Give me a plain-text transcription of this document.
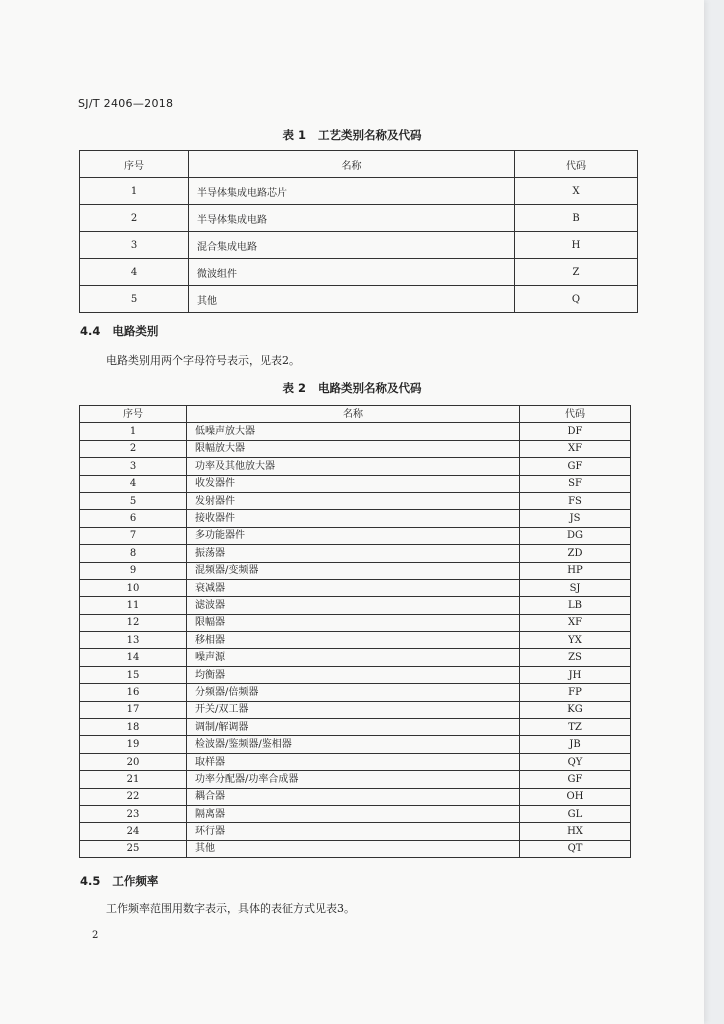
SJ/T 2406—2018
表 1 工艺类别名称及代码
序号	名称	代码
1	半导体集成电路芯片	X
2	半导体集成电路	B
3	混合集成电路	H
4	微波组件	Z
5	其他	Q
4.4 电路类别
电路类别用两个字母符号表示，见表2。
表 2 电路类别名称及代码
序号	名称	代码
1	低噪声放大器	DF
2	限幅放大器	XF
3	功率及其他放大器	GF
4	收发器件	SF
5	发射器件	FS
6	接收器件	JS
7	多功能器件	DG
8	振荡器	ZD
9	混频器/变频器	HP
10	衰减器	SJ
11	滤波器	LB
12	限幅器	XF
13	移相器	YX
14	噪声源	ZS
15	均衡器	JH
16	分频器/倍频器	FP
17	开关/双工器	KG
18	调制/解调器	TZ
19	检波器/鉴频器/鉴相器	JB
20	取样器	QY
21	功率分配器/功率合成器	GF
22	耦合器	OH
23	隔离器	GL
24	环行器	HX
25	其他	QT
4.5 工作频率
工作频率范围用数字表示，具体的表征方式见表3。
2
